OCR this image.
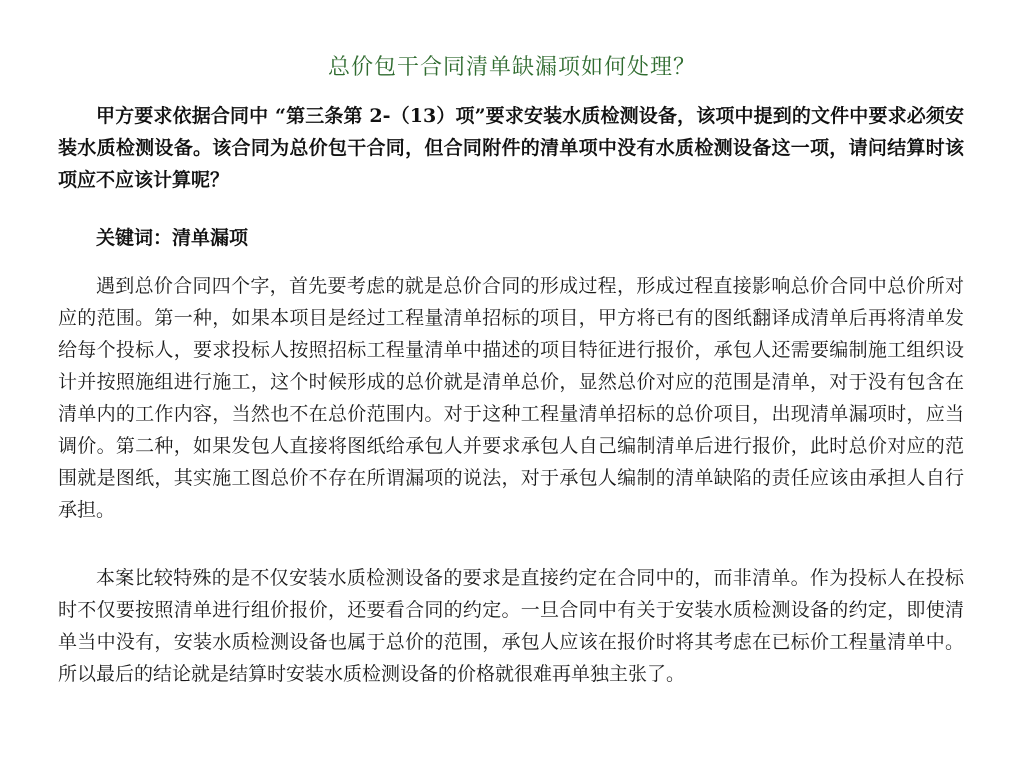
总价包干合同清单缺漏项如何处理？

甲方要求依据合同中 “第三条第 2-（13）项”要求安装水质检测设备，该项中提到的文件中要求必须安装水质检测设备。该合同为总价包干合同，但合同附件的清单项中没有水质检测设备这一项，请问结算时该项应不应该计算呢？

关键词：清单漏项

遇到总价合同四个字，首先要考虑的就是总价合同的形成过程，形成过程直接影响总价合同中总价所对应的范围。第一种，如果本项目是经过工程量清单招标的项目，甲方将已有的图纸翻译成清单后再将清单发给每个投标人，要求投标人按照招标工程量清单中描述的项目特征进行报价，承包人还需要编制施工组织设计并按照施组进行施工，这个时候形成的总价就是清单总价，显然总价对应的范围是清单，对于没有包含在清单内的工作内容，当然也不在总价范围内。对于这种工程量清单招标的总价项目，出现清单漏项时，应当调价。第二种，如果发包人直接将图纸给承包人并要求承包人自己编制清单后进行报价，此时总价对应的范围就是图纸，其实施工图总价不存在所谓漏项的说法，对于承包人编制的清单缺陷的责任应该由承担人自行承担。

本案比较特殊的是不仅安装水质检测设备的要求是直接约定在合同中的，而非清单。作为投标人在投标时不仅要按照清单进行组价报价，还要看合同的约定。一旦合同中有关于安装水质检测设备的约定，即使清单当中没有，安装水质检测设备也属于总价的范围，承包人应该在报价时将其考虑在已标价工程量清单中。所以最后的结论就是结算时安装水质检测设备的价格就很难再单独主张了。
